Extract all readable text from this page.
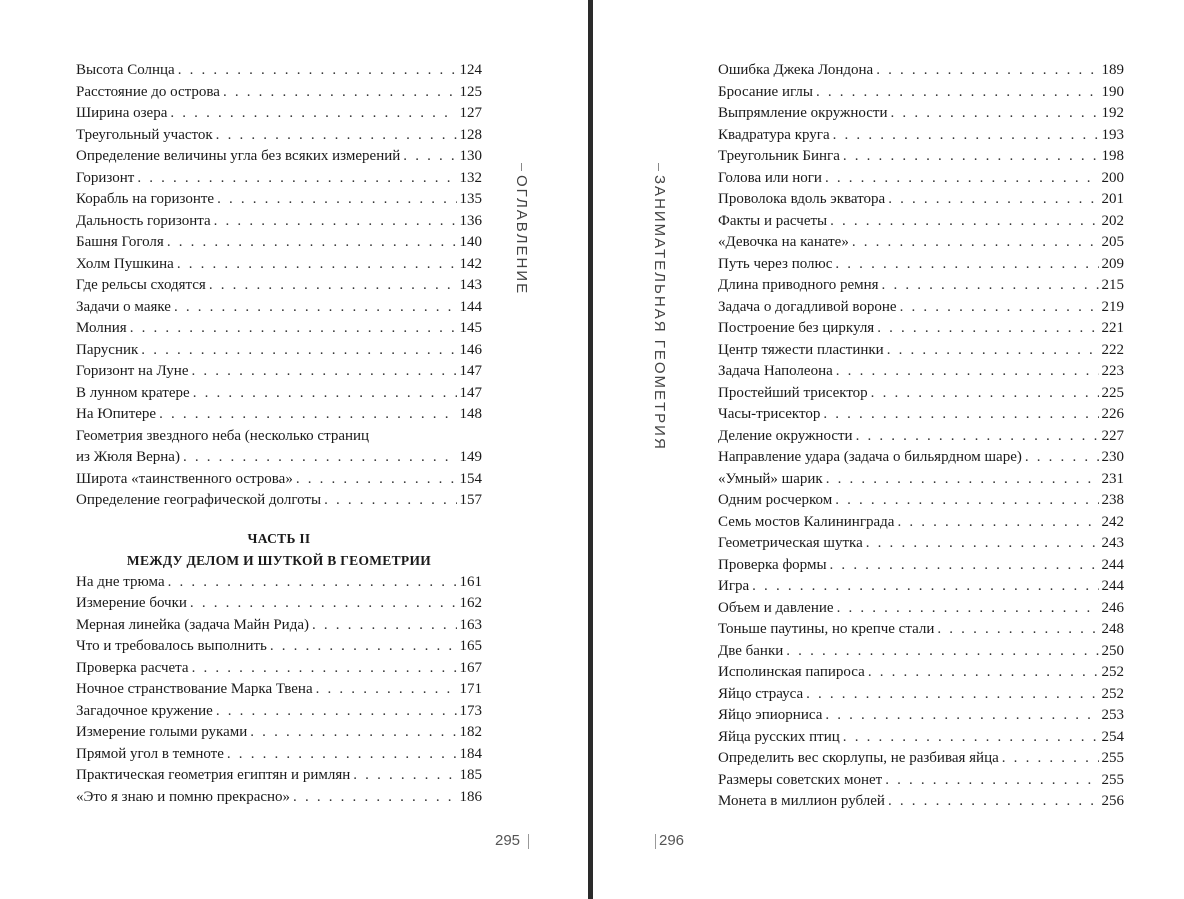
Высота Солнца . . .	124
Расстояние до острова . . .	125
Ширина озера . . .	127
Треугольный участок . . .	128
Определение величины угла без всяких измерений . . .	130
Горизонт . . .	132
Корабль на горизонте . . .	135
Дальность горизонта . . .	136
Башня Гоголя . . .	140
Холм Пушкина . . .	142
Где рельсы сходятся . . .	143
Задачи о маяке . . .	144
Молния . . .	145
Парусник . . .	146
Горизонт на Луне . . .	147
В лунном кратере . . .	147
На Юпитере . . .	148
Геометрия звездного неба (несколько страниц
из Жюля Верна) . . .	149
Широта «таинственного острова» . . .	154
Определение географической долготы . . .	157
ЧАСТЬ II
МЕЖДУ ДЕЛОМ И ШУТКОЙ В ГЕОМЕТРИИ
На дне трюма . . .	161
Измерение бочки . . .	162
Мерная линейка (задача Майн Рида) . . .	163
Что и требовалось выполнить . . .	165
Проверка расчета . . .	167
Ночное странствование Марка Твена . . .	171
Загадочное кружение . . .	173
Измерение голыми руками . . .	182
Прямой угол в темноте . . .	184
Практическая геометрия египтян и римлян . . .	185
«Это я знаю и помню прекрасно» . . .	186
ОГЛАВЛЕНИЕ
295
Ошибка Джека Лондона . . .	189
Бросание иглы . . .	190
Выпрямление окружности . . .	192
Квадратура круга . . .	193
Треугольник Бинга . . .	198
Голова или ноги . . .	200
Проволока вдоль экватора . . .	201
Факты и расчеты . . .	202
«Девочка на канате» . . .	205
Путь через полюс . . .	209
Длина приводного ремня . . .	215
Задача о догадливой вороне . . .	219
Построение без циркуля . . .	221
Центр тяжести пластинки . . .	222
Задача Наполеона . . .	223
Простейший трисектор . . .	225
Часы-трисектор . . .	226
Деление окружности . . .	227
Направление удара (задача о бильярдном шаре) . . .	230
«Умный» шарик . . .	231
Одним росчерком . . .	238
Семь мостов Калининграда . . .	242
Геометрическая шутка . . .	243
Проверка формы . . .	244
Игра . . .	244
Объем и давление . . .	246
Тоньше паутины, но крепче стали . . .	248
Две банки . . .	250
Исполинская папироса . . .	252
Яйцо страуса . . .	252
Яйцо эпиорниса . . .	253
Яйца русских птиц . . .	254
Определить вес скорлупы, не разбивая яйца . . .	255
Размеры советских монет . . .	255
Монета в миллион рублей . . .	256
ЗАНИМАТЕЛЬНАЯ ГЕОМЕТРИЯ
296
